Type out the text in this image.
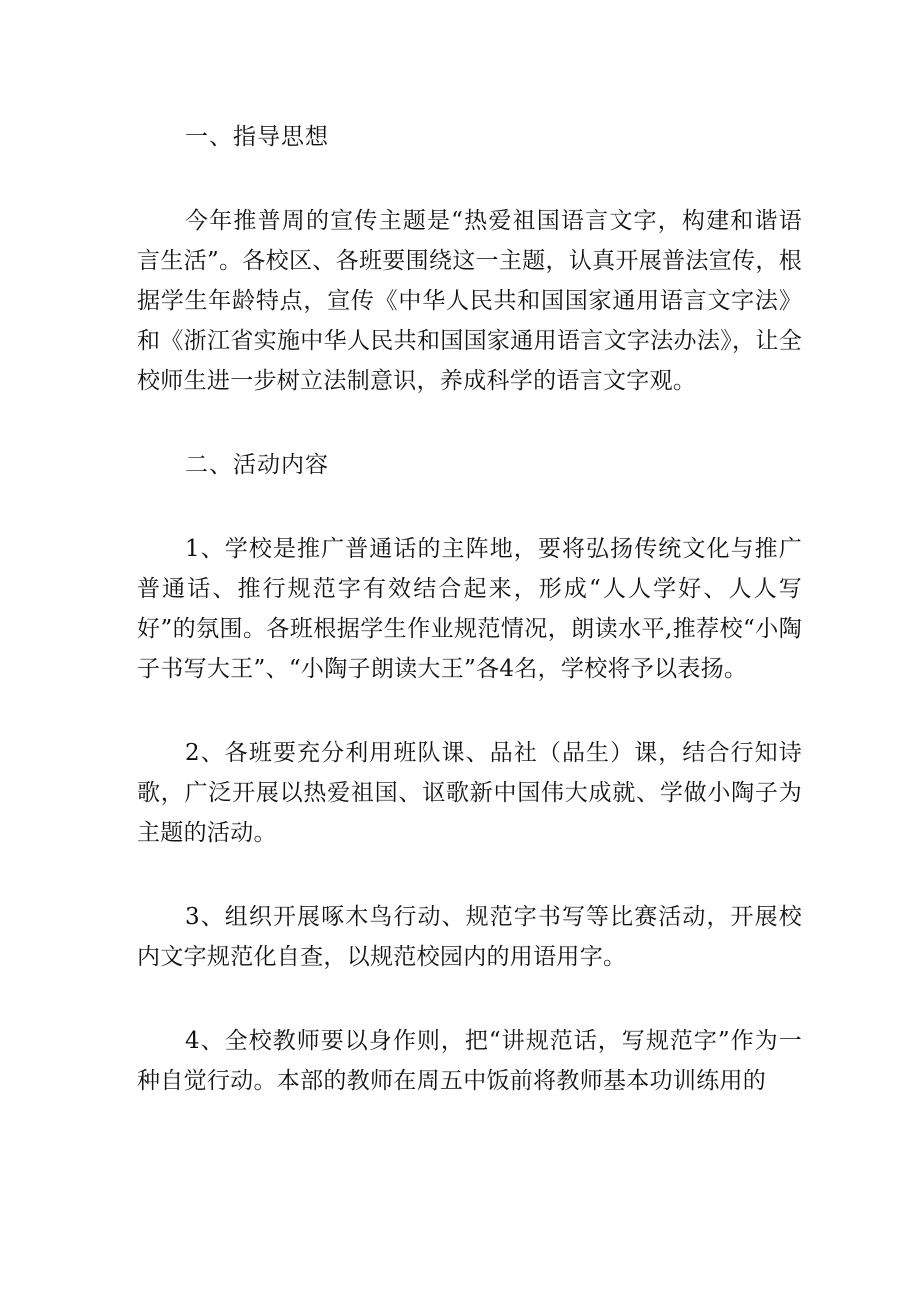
一、指导思想

今年推普周的宣传主题是“热爱祖国语言文字，构建和谐语言生活”。各校区、各班要围绕这一主题，认真开展普法宣传，根据学生年龄特点，宣传《中华人民共和国国家通用语言文字法》和《浙江省实施中华人民共和国国家通用语言文字法办法》，让全校师生进一步树立法制意识，养成科学的语言文字观。

二、活动内容

1、学校是推广普通话的主阵地，要将弘扬传统文化与推广普通话、推行规范字有效结合起来，形成“人人学好、人人写好”的氛围。各班根据学生作业规范情况，朗读水平,推荐校“小陶子书写大王”、“小陶子朗读大王”各4名，学校将予以表扬。

2、各班要充分利用班队课、品社（品生）课，结合行知诗歌，广泛开展以热爱祖国、讴歌新中国伟大成就、学做小陶子为主题的活动。

3、组织开展啄木鸟行动、规范字书写等比赛活动，开展校内文字规范化自查，以规范校园内的用语用字。

4、全校教师要以身作则，把“讲规范话，写规范字”作为一种自觉行动。本部的教师在周五中饭前将教师基本功训练用的
